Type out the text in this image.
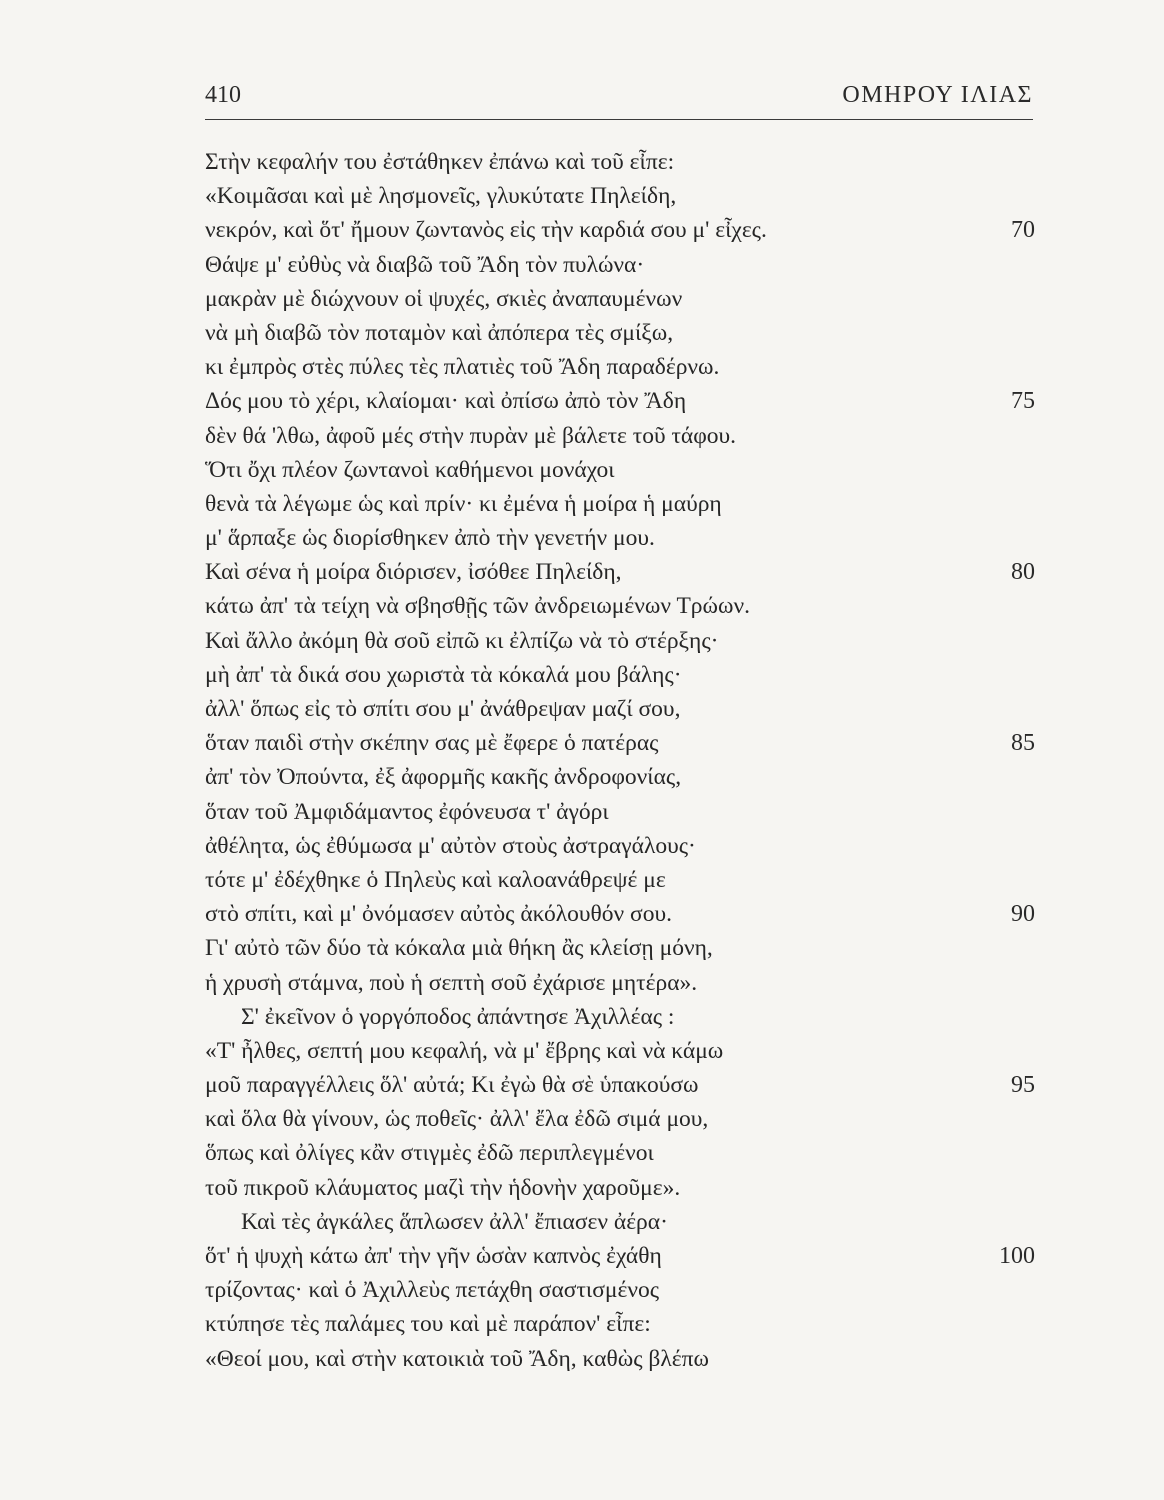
410	ΟΜΗΡΟΥ ΙΛΙΑΣ
Στὴν κεφαλήν του ἐστάθηκεν ἐπάνω καὶ τοῦ εἶπε:
«Κοιμᾶσαι καὶ μὲ λησμονεῖς, γλυκύτατε Πηλείδη,
νεκρόν, καὶ ὅτ' ἤμουν ζωντανὸς εἰς τὴν καρδιά σου μ' εἶχες.	70
Θάψε μ' εὐθὺς νὰ διαβῶ τοῦ Ἄδη τὸν πυλώνα·
μακρὰν μὲ διώχνουν οἱ ψυχές, σκιὲς ἀναπαυμένων
νὰ μὴ διαβῶ τὸν ποταμὸν καὶ ἀπόπερα τὲς σμίξω,
κι ἐμπρὸς στὲς πύλες τὲς πλατιὲς τοῦ Ἄδη παραδέρνω.
Δός μου τὸ χέρι, κλαίομαι· καὶ ὀπίσω ἀπὸ τὸν Ἄδη	75
δὲν θά 'λθω, ἀφοῦ μές στὴν πυρὰν μὲ βάλετε τοῦ τάφου.
Ὅτι ὄχι πλέον ζωντανοὶ καθήμενοι μονάχοι
θενὰ τὰ λέγωμε ὡς καὶ πρίν· κι ἐμένα ἡ μοίρα ἡ μαύρη
μ' ἅρπαξε ὡς διορίσθηκεν ἀπὸ τὴν γενετήν μου.
Καὶ σένα ἡ μοίρα διόρισεν, ἰσόθεε Πηλείδη,	80
κάτω ἀπ' τὰ τείχη νὰ σβησθῇς τῶν ἀνδρειωμένων Τρώων.
Καὶ ἄλλο ἀκόμη θὰ σοῦ εἰπῶ κι ἐλπίζω νὰ τὸ στέρξης·
μὴ ἀπ' τὰ δικά σου χωριστὰ τὰ κόκαλά μου βάλης·
ἀλλ' ὅπως εἰς τὸ σπίτι σου μ' ἀνάθρεψαν μαζί σου,
ὅταν παιδὶ στὴν σκέπην σας μὲ ἔφερε ὁ πατέρας	85
ἀπ' τὸν Ὀπούντα, ἐξ ἀφορμῆς κακῆς ἀνδροφονίας,
ὅταν τοῦ Ἀμφιδάμαντος ἐφόνευσα τ' ἀγόρι
ἀθέλητα, ὡς ἐθύμωσα μ' αὐτὸν στοὺς ἀστραγάλους·
τότε μ' ἐδέχθηκε ὁ Πηλεὺς καὶ καλοανάθρεψέ με
στὸ σπίτι, καὶ μ' ὀνόμασεν αὐτὸς ἀκόλουθόν σου.	90
Γι' αὐτὸ τῶν δύο τὰ κόκαλα μιὰ θήκη ἂς κλείσῃ μόνη,
ἡ χρυσὴ στάμνα, ποὺ ἡ σεπτὴ σοῦ ἐχάρισε μητέρα».
Σ' ἐκεῖνον ὁ γοργόποδος ἀπάντησε Ἀχιλλέας :
«Τ' ἦλθες, σεπτή μου κεφαλή, νὰ μ' ἔβρης καὶ νὰ κάμω
μοῦ παραγγέλλεις ὅλ' αὐτά; Κι ἐγὼ θὰ σὲ ὑπακούσω	95
καὶ ὅλα θὰ γίνουν, ὡς ποθεῖς· ἀλλ' ἔλα ἐδῶ σιμά μου,
ὅπως καὶ ὀλίγες κἂν στιγμὲς ἐδῶ περιπλεγμένοι
τοῦ πικροῦ κλάυματος μαζὶ τὴν ἡδονὴν χαροῦμε».
Καὶ τὲς ἀγκάλες ἅπλωσεν ἀλλ' ἔπιασεν ἀέρα·
ὅτ' ἡ ψυχὴ κάτω ἀπ' τὴν γῆν ὡσὰν καπνὸς ἐχάθη	100
τρίζοντας· καὶ ὁ Ἀχιλλεὺς πετάχθη σαστισμένος
κτύπησε τὲς παλάμες του καὶ μὲ παράπον' εἶπε:
«Θεοί μου, καὶ στὴν κατοικιὰ τοῦ Ἄδη, καθὼς βλέπω
